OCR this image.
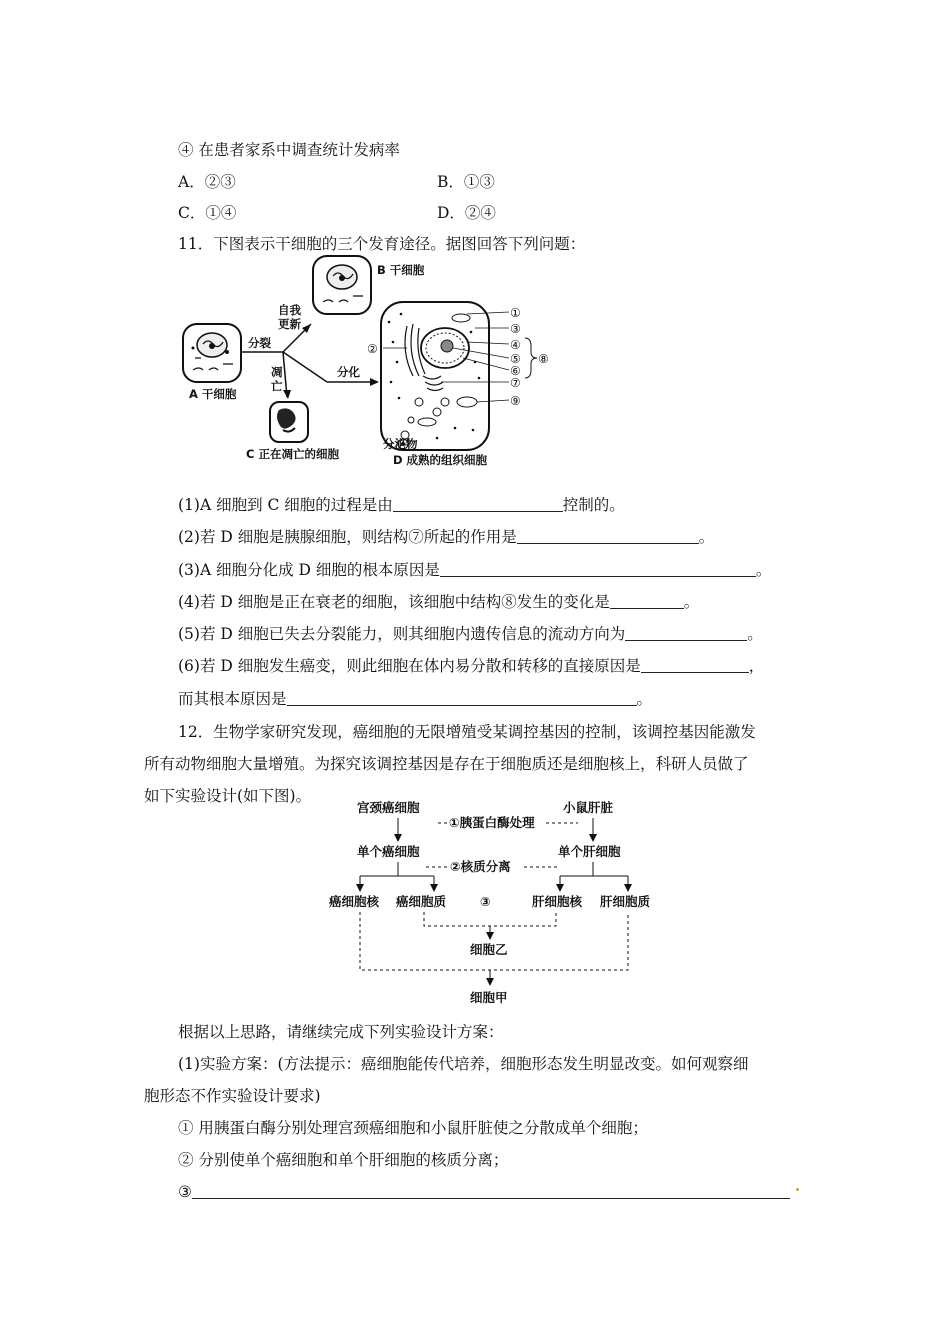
④ 在患者家系中调查统计发病率
A．②③	B．①③
C．①④	D．②④
11．下图表示干细胞的三个发育途径。据图回答下列问题：
A 干细胞
分裂
自我
更新
凋
亡
分化
B 干细胞
C 正在凋亡的细胞
①
③
②	④
⑤
⑥
⑦
⑨
⑧
分泌物
D 成熟的组织细胞
(1)A 细胞到 C 细胞的过程是由	控制的。
(2)若 D 细胞是胰腺细胞，则结构⑦所起的作用是	。
(3)A 细胞分化成 D 细胞的根本原因是	。
(4)若 D 细胞是正在衰老的细胞，该细胞中结构⑧发生的变化是	。
(5)若 D 细胞已失去分裂能力，则其细胞内遗传信息的流动方向为	。
(6)若 D 细胞发生癌变，则此细胞在体内易分散和转移的直接原因是	，
而其根本原因是	。
12．生物学家研究发现，癌细胞的无限增殖受某调控基因的控制，该调控基因能激发
所有动物细胞大量增殖。为探究该调控基因是存在于细胞质还是细胞核上，科研人员做了
如下实验设计(如下图)。
宫颈癌细胞	小鼠肝脏
①胰蛋白酶处理
单个癌细胞	单个肝细胞
②核质分离
癌细胞核 癌细胞质	③	肝细胞核 肝细胞质
细胞乙
细胞甲
根据以上思路，请继续完成下列实验设计方案：
(1)实验方案：(方法提示：癌细胞能传代培养，细胞形态发生明显改变。如何观察细
胞形态不作实验设计要求)
① 用胰蛋白酶分别处理宫颈癌细胞和小鼠肝脏使之分散成单个细胞；
② 分别使单个癌细胞和单个肝细胞的核质分离；
③
